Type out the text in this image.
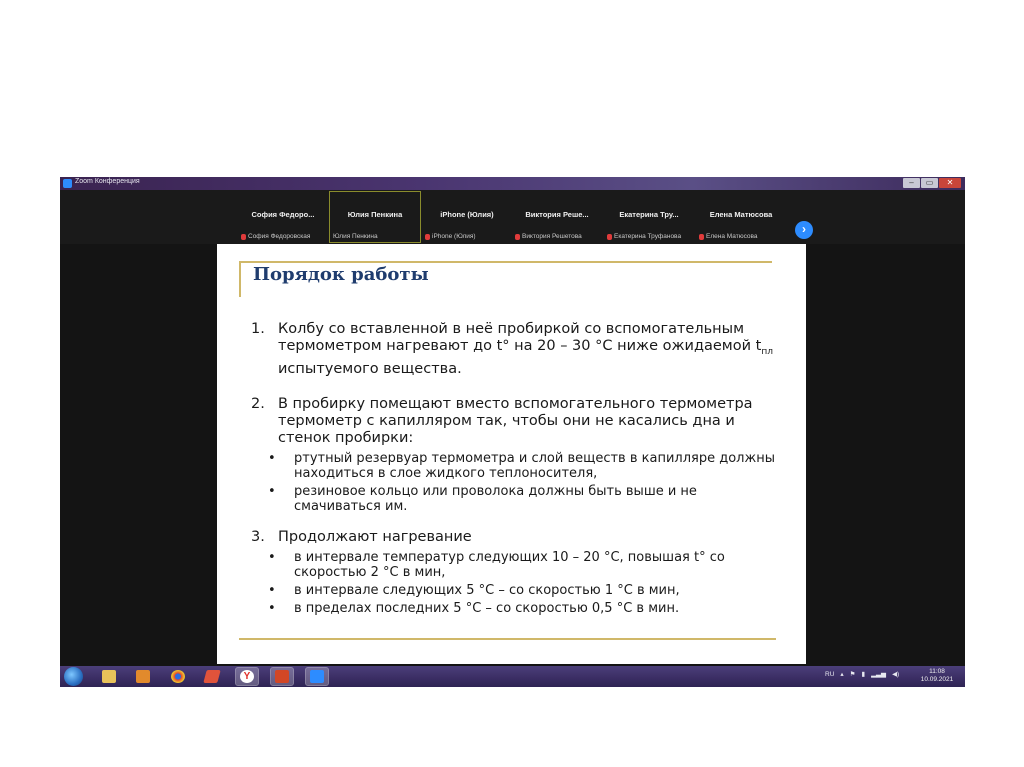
Zoom Конференция	–	▭	✕
София Федоро...
София Федоровская
Юлия Пенкина
Юлия Пенкина
iPhone (Юлия)
iPhone (Юлия)
Виктория Реше...
Виктория Решетова
Екатерина Тру...
Екатерина Труфанова
Елена Матюсова
Елена Матюсова
›
Порядок работы
1. Колбу со вставленной в неё пробиркой со вспомогательным термометром нагревают до t° на 20 – 30 °С ниже ожидаемой $t_{пл}$ испытуемого вещества.
2. В пробирку помещают вместо вспомогательного термометра термометр с капилляром так, чтобы они не касались дна и стенок пробирки:
•	ртутный резервуар термометра и слой веществ в капилляре должны находиться в слое жидкого теплоносителя,
•	резиновое кольцо или проволока должны быть выше и не смачиваться им.
3. Продолжают нагревание
•	в интервале температур следующих 10 – 20 °С, повышая t° со скоростью 2 °С в мин,
•	в интервале следующих 5 °С – со скоростью 1 °С в мин,
•	в пределах последних 5 °С – со скоростью 0,5 °С в мин.
Y	RU ▴ ⚑ ▮ ▂▃▅ ◀)	11:08
10.09.2021
